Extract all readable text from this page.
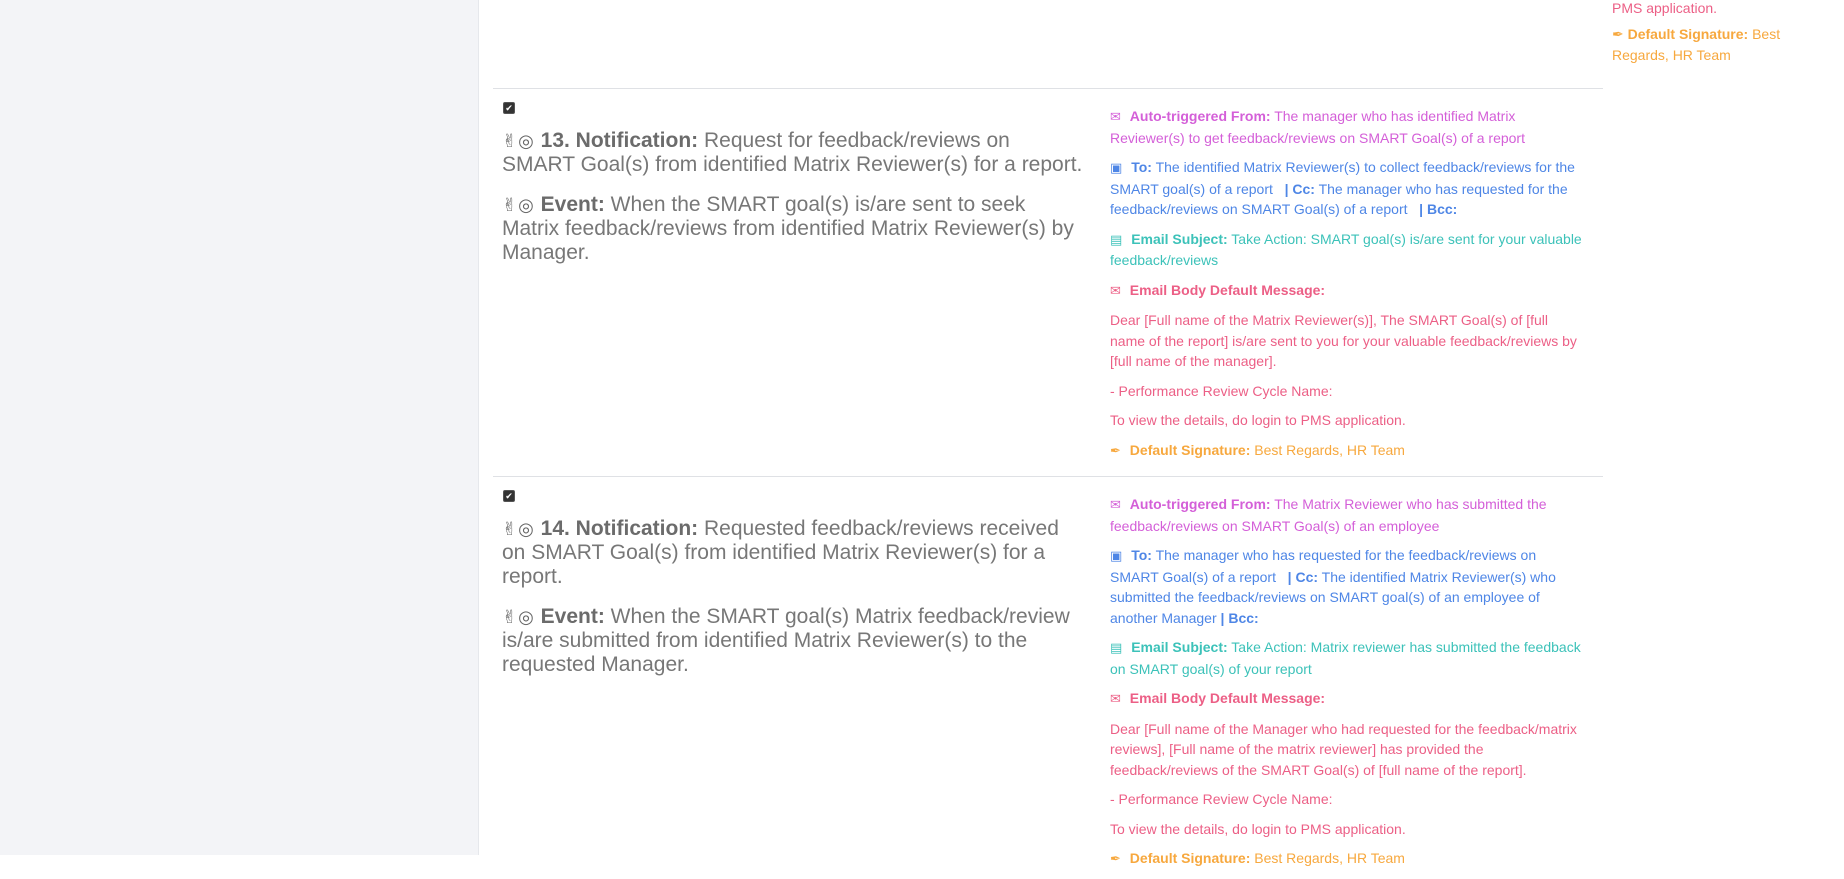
PMS application.
✒ Default Signature: Best Regards, HR Team
✔
✌◎ 13. Notification: Request for feedback/reviews on SMART Goal(s) from identified Matrix Reviewer(s) for a report.
✌◎ Event: When the SMART goal(s) is/are sent to seek Matrix feedback/reviews from identified Matrix Reviewer(s) by Manager.
✉ Auto-triggered From: The manager who has identified Matrix Reviewer(s) to get feedback/reviews on SMART Goal(s) of a report
▣ To: The identified Matrix Reviewer(s) to collect feedback/reviews for the SMART goal(s) of a report | Cc: The manager who has requested for the feedback/reviews on SMART Goal(s) of a report | Bcc:
▤ Email Subject: Take Action: SMART goal(s) is/are sent for your valuable feedback/reviews
✉ Email Body Default Message:
Dear [Full name of the Matrix Reviewer(s)], The SMART Goal(s) of [full name of the report] is/are sent to you for your valuable feedback/reviews by [full name of the manager].
- Performance Review Cycle Name:
To view the details, do login to PMS application.
✒ Default Signature: Best Regards, HR Team
✔
✌◎ 14. Notification: Requested feedback/reviews received on SMART Goal(s) from identified Matrix Reviewer(s) for a report.
✌◎ Event: When the SMART goal(s) Matrix feedback/review is/are submitted from identified Matrix Reviewer(s) to the requested Manager.
✉ Auto-triggered From: The Matrix Reviewer who has submitted the feedback/reviews on SMART Goal(s) of an employee
▣ To: The manager who has requested for the feedback/reviews on SMART Goal(s) of a report | Cc: The identified Matrix Reviewer(s) who submitted the feedback/reviews on SMART goal(s) of an employee of another Manager | Bcc:
▤ Email Subject: Take Action: Matrix reviewer has submitted the feedback on SMART goal(s) of your report
✉ Email Body Default Message:
Dear [Full name of the Manager who had requested for the feedback/matrix reviews], [Full name of the matrix reviewer] has provided the feedback/reviews of the SMART Goal(s) of [full name of the report].
- Performance Review Cycle Name:
To view the details, do login to PMS application.
✒ Default Signature: Best Regards, HR Team
